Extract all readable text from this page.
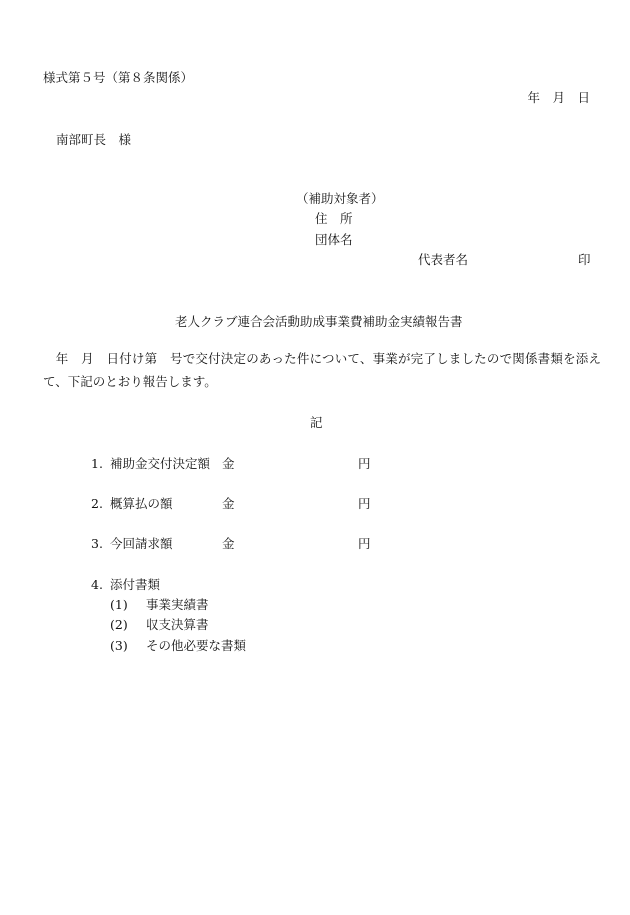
様式第５号（第８条関係）
年　月　日
南部町長　様
（補助対象者）
住　所
団体名
代表者名	印
老人クラブ連合会活動助成事業費補助金実績報告書
　年　月　日付け第　号で交付決定のあった件について、事業が完了しましたので関係書類を添え
て、下記のとおり報告します。
記
1. 補助金交付決定額 金	円
2. 概算払の額	金	円
3. 今回請求額	金	円
4. 添付書類
(1) 事業実績書
(2) 収支決算書
(3) その他必要な書類
